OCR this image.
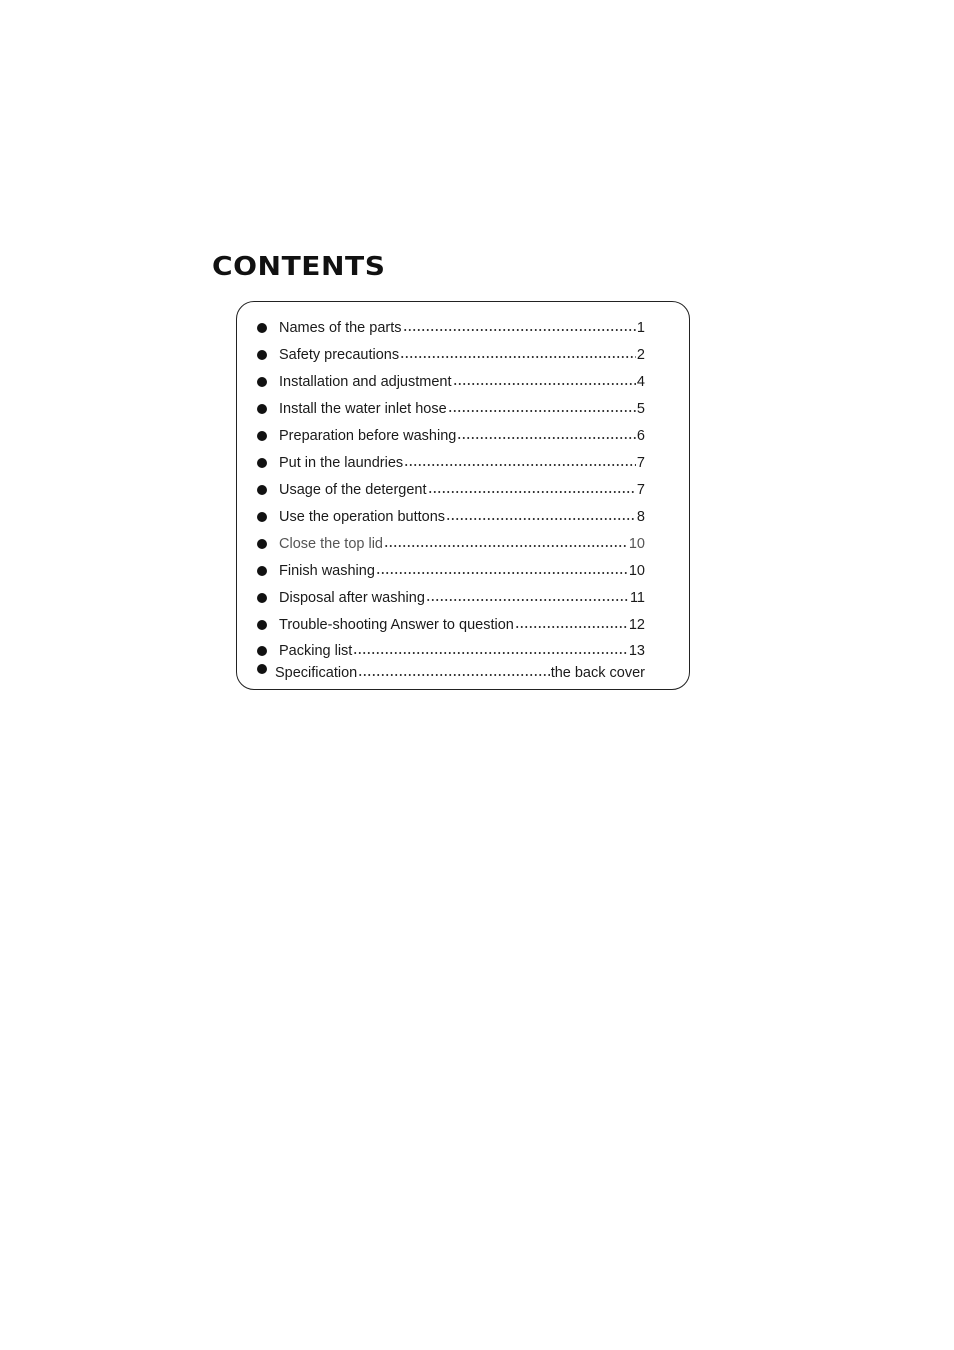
CONTENTS
Names of the parts	1
Safety precautions	2
Installation and adjustment	4
Install the water inlet hose	5
Preparation before washing	6
Put in the laundries	7
Usage of the detergent	7
Use the operation buttons	8
Close the top lid	10
Finish washing	10
Disposal after washing	11
Trouble-shooting Answer to question	12
Packing list	13
Specification	the back cover
